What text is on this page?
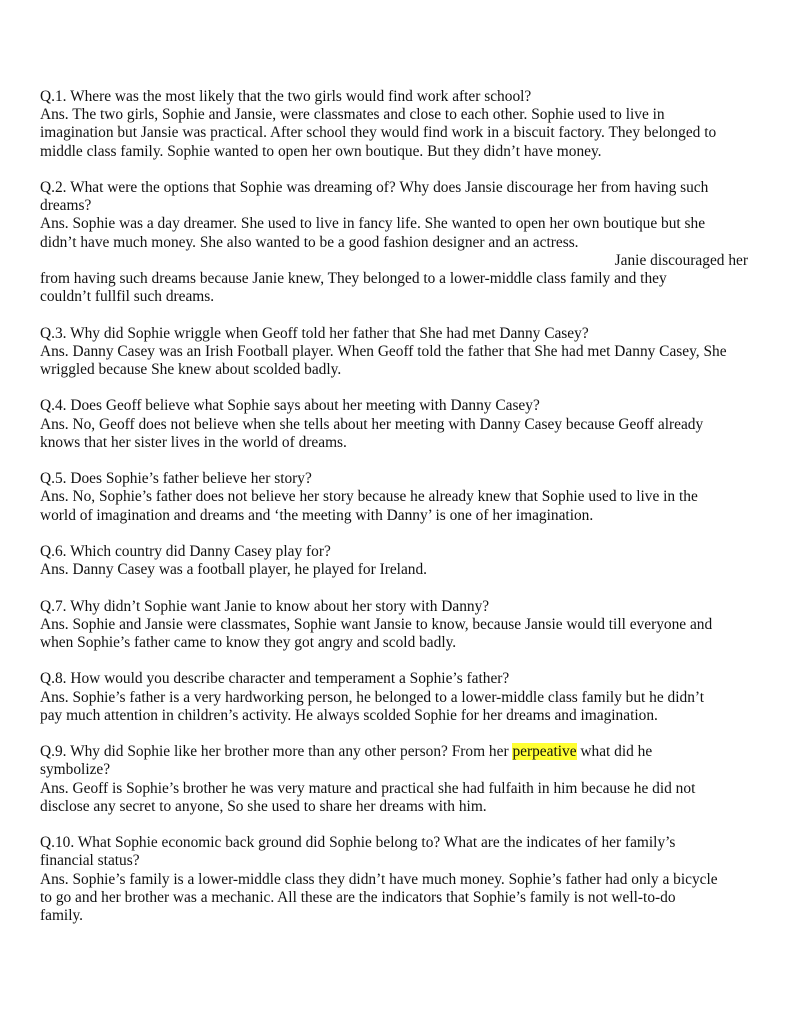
Q.1. Where was the most likely that the two girls would find work after school?
Ans. The two girls, Sophie and Jansie, were classmates and close to each other. Sophie used to live in
imagination but Jansie was practical. After school they would find work in a biscuit factory. They belonged to
middle class family. Sophie wanted to open her own boutique. But they didn’t have money.
Q.2. What were the options that Sophie was dreaming of? Why does Jansie discourage her from having such
dreams?
Ans. Sophie was a day dreamer. She used to live in fancy life. She wanted to open her own boutique but she
didn’t have much money. She also wanted to be a good fashion designer and an actress.
Janie discouraged her
from having such dreams because Janie knew, They belonged to a lower-middle class family and they
couldn’t fullfil such dreams.
Q.3. Why did Sophie wriggle when Geoff told her father that She had met Danny Casey?
Ans. Danny Casey was an Irish Football player. When Geoff told the father that She had met Danny Casey, She
wriggled because She knew about scolded badly.
Q.4. Does Geoff believe what Sophie says about her meeting with Danny Casey?
Ans. No, Geoff does not believe when she tells about her meeting with Danny Casey because Geoff already
knows that her sister lives in the world of dreams.
Q.5. Does Sophie’s father believe her story?
Ans. No, Sophie’s father does not believe her story because he already knew that Sophie used to live in the
world of imagination and dreams and ‘the meeting with Danny’ is one of her imagination.
Q.6. Which country did Danny Casey play for?
Ans. Danny Casey was a football player, he played for Ireland.
Q.7. Why didn’t Sophie want Janie to know about her story with Danny?
Ans. Sophie and Jansie were classmates, Sophie want Jansie to know, because Jansie would till everyone and
when Sophie’s father came to know they got angry and scold badly.
Q.8. How would you describe character and temperament a Sophie’s father?
Ans. Sophie’s father is a very hardworking person, he belonged to a lower-middle class family but he didn’t
pay much attention in children’s activity. He always scolded Sophie for her dreams and imagination.
Q.9. Why did Sophie like her brother more than any other person? From her perpeative what did he
symbolize?
Ans. Geoff is Sophie’s brother he was very mature and practical she had fulfaith in him because he did not
disclose any secret to anyone, So she used to share her dreams with him.
Q.10. What Sophie economic back ground did Sophie belong to? What are the indicates of her family’s
financial status?
Ans. Sophie’s family is a lower-middle class they didn’t have much money. Sophie’s father had only a bicycle
to go and her brother was a mechanic. All these are the indicators that Sophie’s family is not well-to-do
family.
